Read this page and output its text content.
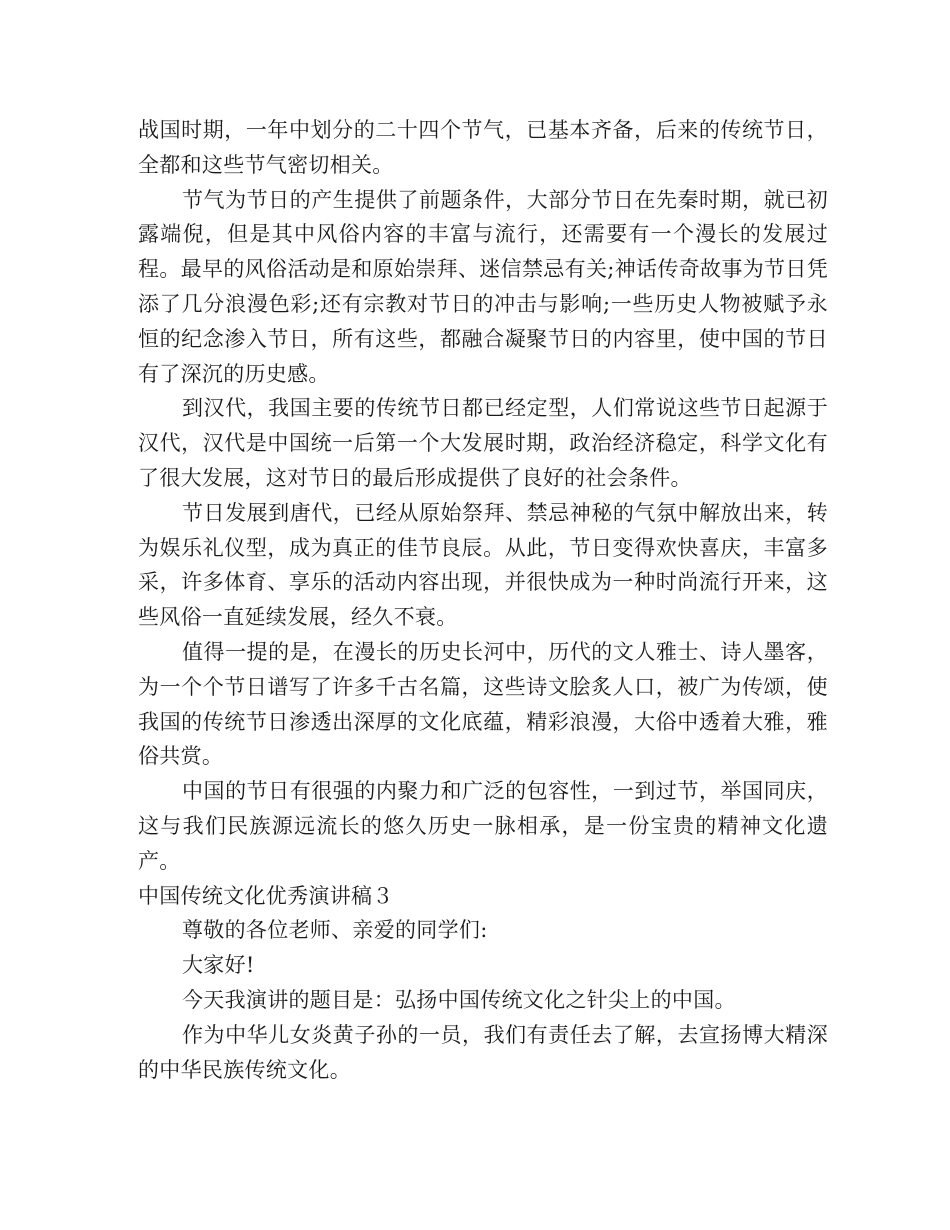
战国时期，一年中划分的二十四个节气，已基本齐备，后来的传统节日，全都和这些节气密切相关。

节气为节日的产生提供了前题条件，大部分节日在先秦时期，就已初露端倪，但是其中风俗内容的丰富与流行，还需要有一个漫长的发展过程。最早的风俗活动是和原始崇拜、迷信禁忌有关;神话传奇故事为节日凭添了几分浪漫色彩;还有宗教对节日的冲击与影响;一些历史人物被赋予永恒的纪念渗入节日，所有这些，都融合凝聚节日的内容里，使中国的节日有了深沉的历史感。

到汉代，我国主要的传统节日都已经定型，人们常说这些节日起源于汉代，汉代是中国统一后第一个大发展时期，政治经济稳定，科学文化有了很大发展，这对节日的最后形成提供了良好的社会条件。

节日发展到唐代，已经从原始祭拜、禁忌神秘的气氛中解放出来，转为娱乐礼仪型，成为真正的佳节良辰。从此，节日变得欢快喜庆，丰富多采，许多体育、享乐的活动内容出现，并很快成为一种时尚流行开来，这些风俗一直延续发展，经久不衰。

值得一提的是，在漫长的历史长河中，历代的文人雅士、诗人墨客，为一个个节日谱写了许多千古名篇，这些诗文脍炙人口，被广为传颂，使我国的传统节日渗透出深厚的文化底蕴，精彩浪漫，大俗中透着大雅，雅俗共赏。

中国的节日有很强的内聚力和广泛的包容性，一到过节，举国同庆，这与我们民族源远流长的悠久历史一脉相承，是一份宝贵的精神文化遗产。

中国传统文化优秀演讲稿３

尊敬的各位老师、亲爱的同学们:

大家好!

今天我演讲的题目是：弘扬中国传统文化之针尖上的中国。

作为中华儿女炎黄子孙的一员，我们有责任去了解，去宣扬博大精深的中华民族传统文化。
